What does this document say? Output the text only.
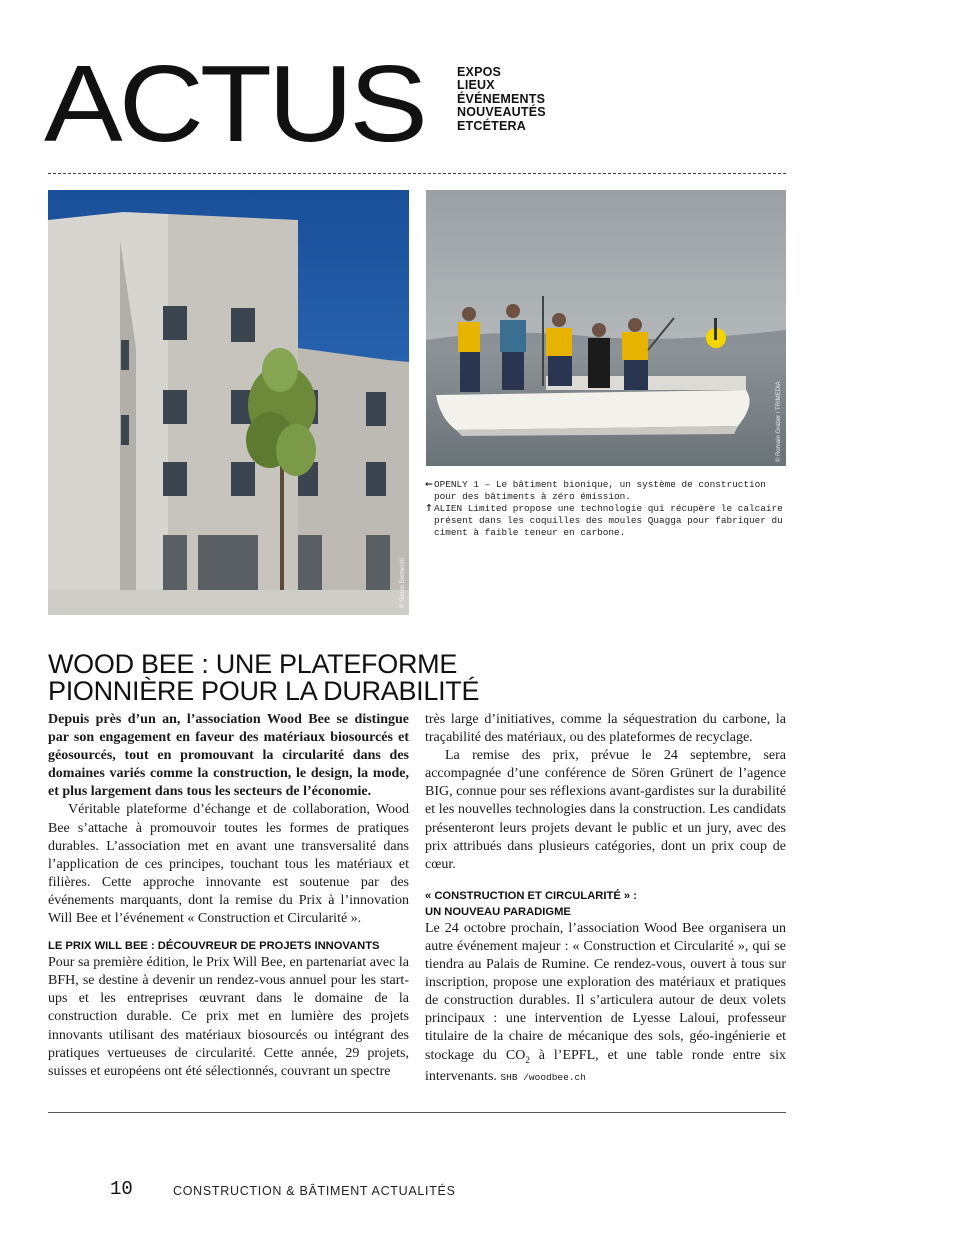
ACTUS	EXPOS
LIEUX
ÉVÉNEMENTS
NOUVEAUTÉS
ETCÉTERA
© Simon Bertacchi
© Romain Graber / TRIMEDIA
← OPENLY 1 – Le bâtiment bionique, un système de construction pour des bâtiments à zéro émission.
↑ ALIEN Limited propose une technologie qui récupère le calcaire présent dans les coquilles des moules Quagga pour fabriquer du ciment à faible teneur en carbone.
WOOD BEE : UNE PLATEFORME
PIONNIÈRE POUR LA DURABILITÉ

Depuis près d’un an, l’association Wood Bee se distingue par son engagement en faveur des matériaux biosourcés et géosourcés, tout en promouvant la circularité dans des domaines variés comme la construction, le design, la mode, et plus largement dans tous les secteurs de l’économie.

Véritable plateforme d’échange et de collaboration, Wood Bee s’attache à promouvoir toutes les formes de pratiques durables. L’association met en avant une transversalité dans l’application de ces principes, touchant tous les matériaux et filières. Cette approche innovante est soutenue par des événements marquants, dont la remise du Prix à l’innovation Will Bee et l’événement « Construction et Circularité ».

LE PRIX WILL BEE : DÉCOUVREUR DE PROJETS INNOVANTS

Pour sa première édition, le Prix Will Bee, en partenariat avec la BFH, se destine à devenir un rendez-vous annuel pour les start-ups et les entreprises œuvrant dans le domaine de la construction durable. Ce prix met en lumière des projets innovants utilisant des matériaux biosourcés ou intégrant des pratiques vertueuses de circularité. Cette année, 29 projets, suisses et européens ont été sélectionnés, couvrant un spectre

très large d’initiatives, comme la séquestration du carbone, la traçabilité des matériaux, ou des plateformes de recyclage.

La remise des prix, prévue le 24 septembre, sera accompagnée d’une conférence de Sören Grünert de l’agence BIG, connue pour ses réflexions avant-gardistes sur la durabilité et les nouvelles technologies dans la construction. Les candidats présenteront leurs projets devant le public et un jury, avec des prix attribués dans plusieurs catégories, dont un prix coup de cœur.

« CONSTRUCTION ET CIRCULARITÉ » :
UN NOUVEAU PARADIGME

Le 24 octobre prochain, l’association Wood Bee organisera un autre événement majeur : « Construction et Circularité », qui se tiendra au Palais de Rumine. Ce rendez-vous, ouvert à tous sur inscription, propose une exploration des matériaux et pratiques de construction durables. Il s’articulera autour de deux volets principaux : une intervention de Lyesse Laloui, professeur titulaire de la chaire de mécanique des sols, géo-ingénierie et stockage du $CO_2$ à l’EPFL, et une table ronde entre six intervenants. SHB /woodbee.ch

10	CONSTRUCTION & BÂTIMENT ACTUALITÉS
